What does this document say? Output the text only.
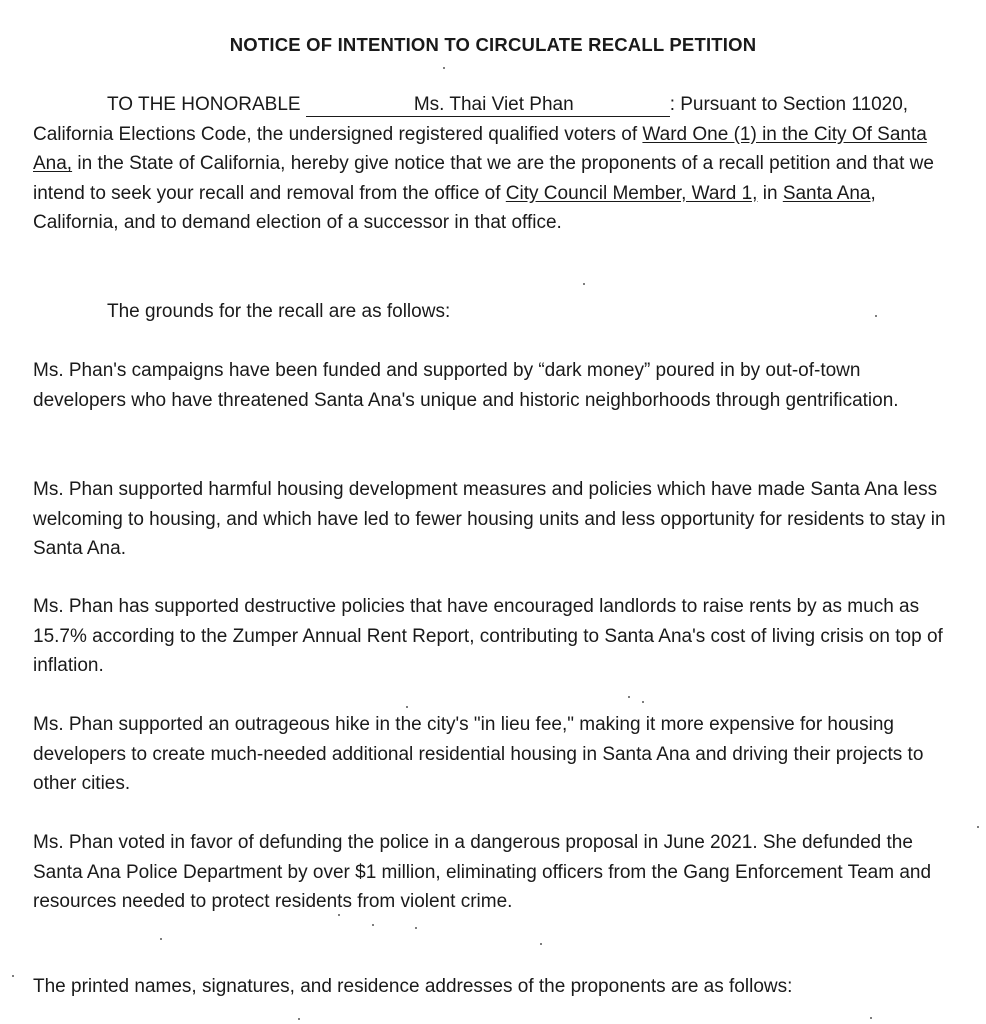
NOTICE OF INTENTION TO CIRCULATE RECALL PETITION
TO THE HONORABLE	Ms. Thai Viet Phan	: Pursuant to Section 11020, California Elections Code, the undersigned registered qualified voters of Ward One (1) in the City Of Santa Ana, in the State of California, hereby give notice that we are the proponents of a recall petition and that we intend to seek your recall and removal from the office of City Council Member, Ward 1, in Santa Ana, California, and to demand election of a successor in that office.
The grounds for the recall are as follows:
Ms. Phan's campaigns have been funded and supported by “dark money” poured in by out-of-town developers who have threatened Santa Ana's unique and historic neighborhoods through gentrification.
Ms. Phan supported harmful housing development measures and policies which have made Santa Ana less welcoming to housing, and which have led to fewer housing units and less opportunity for residents to stay in Santa Ana.
Ms. Phan has supported destructive policies that have encouraged landlords to raise rents by as much as 15.7% according to the Zumper Annual Rent Report, contributing to Santa Ana's cost of living crisis on top of inflation.
Ms. Phan supported an outrageous hike in the city's "in lieu fee," making it more expensive for housing developers to create much-needed additional residential housing in Santa Ana and driving their projects to other cities.
Ms. Phan voted in favor of defunding the police in a dangerous proposal in June 2021. She defunded the Santa Ana Police Department by over $1 million, eliminating officers from the Gang Enforcement Team and resources needed to protect residents from violent crime.
The printed names, signatures, and residence addresses of the proponents are as follows:
